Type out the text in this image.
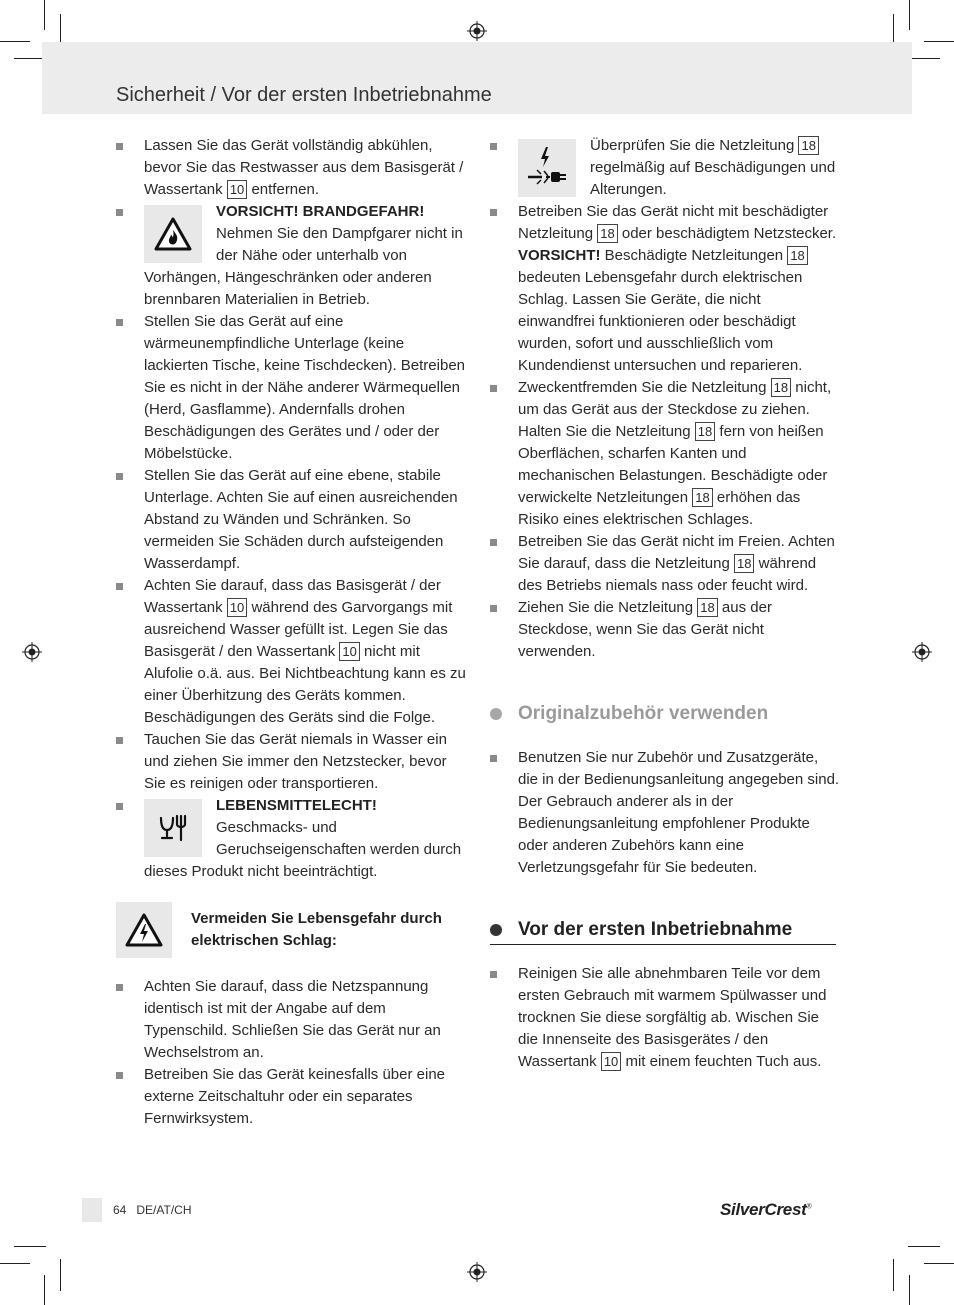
Sicherheit / Vor der ersten Inbetriebnahme
Lassen Sie das Gerät vollständig abkühlen, bevor Sie das Restwasser aus dem Basisgerät / Wassertank 10 entfernen.
VORSICHT! BRANDGEFAHR! Nehmen Sie den Dampfgarer nicht in der Nähe oder unterhalb von Vorhängen, Hängeschränken oder anderen brennbaren Materialien in Betrieb.
Stellen Sie das Gerät auf eine wärmeunempfindliche Unterlage (keine lackierten Tische, keine Tischdecken). Betreiben Sie es nicht in der Nähe anderer Wärmequellen (Herd, Gasflamme). Andernfalls drohen Beschädigungen des Gerätes und / oder der Möbelstücke.
Stellen Sie das Gerät auf eine ebene, stabile Unterlage. Achten Sie auf einen ausreichenden Abstand zu Wänden und Schränken. So vermeiden Sie Schäden durch aufsteigenden Wasserdampf.
Achten Sie darauf, dass das Basisgerät / der Wassertank 10 während des Garvorgangs mit ausreichend Wasser gefüllt ist. Legen Sie das Basisgerät / den Wassertank 10 nicht mit Alufolie o.ä. aus. Bei Nichtbeachtung kann es zu einer Überhitzung des Geräts kommen. Beschädigungen des Geräts sind die Folge.
Tauchen Sie das Gerät niemals in Wasser ein und ziehen Sie immer den Netzstecker, bevor Sie es reinigen oder transportieren.
LEBENSMITTELECHT! Geschmacks- und Geruchseigenschaften werden durch dieses Produkt nicht beeinträchtigt.
Vermeiden Sie Lebensgefahr durch elektrischen Schlag:
Achten Sie darauf, dass die Netzspannung identisch ist mit der Angabe auf dem Typenschild. Schließen Sie das Gerät nur an Wechselstrom an.
Betreiben Sie das Gerät keinesfalls über eine externe Zeitschaltuhr oder ein separates Fernwirksystem.
Überprüfen Sie die Netzleitung 18 regelmäßig auf Beschädigungen und Alterungen.
Betreiben Sie das Gerät nicht mit beschädigter Netzleitung 18 oder beschädigtem Netzstecker. VORSICHT! Beschädigte Netzleitungen 18 bedeuten Lebensgefahr durch elektrischen Schlag. Lassen Sie Geräte, die nicht einwandfrei funktionieren oder beschädigt wurden, sofort und ausschließlich vom Kundendienst untersuchen und reparieren.
Zweckentfremden Sie die Netzleitung 18 nicht, um das Gerät aus der Steckdose zu ziehen. Halten Sie die Netzleitung 18 fern von heißen Oberflächen, scharfen Kanten und mechanischen Belastungen. Beschädigte oder verwickelte Netzleitungen 18 erhöhen das Risiko eines elektrischen Schlages.
Betreiben Sie das Gerät nicht im Freien. Achten Sie darauf, dass die Netzleitung 18 während des Betriebs niemals nass oder feucht wird.
Ziehen Sie die Netzleitung 18 aus der Steckdose, wenn Sie das Gerät nicht verwenden.
Originalzubehör verwenden
Benutzen Sie nur Zubehör und Zusatzgeräte, die in der Bedienungsanleitung angegeben sind. Der Gebrauch anderer als in der Bedienungsanleitung empfohlener Produkte oder anderen Zubehörs kann eine Verletzungsgefahr für Sie bedeuten.
Vor der ersten Inbetriebnahme
Reinigen Sie alle abnehmbaren Teile vor dem ersten Gebrauch mit warmem Spülwasser und trocknen Sie diese sorgfältig ab. Wischen Sie die Innenseite des Basisgerätes / den Wassertank 10 mit einem feuchten Tuch aus.
64 DE/AT/CH	SilverCrest®
